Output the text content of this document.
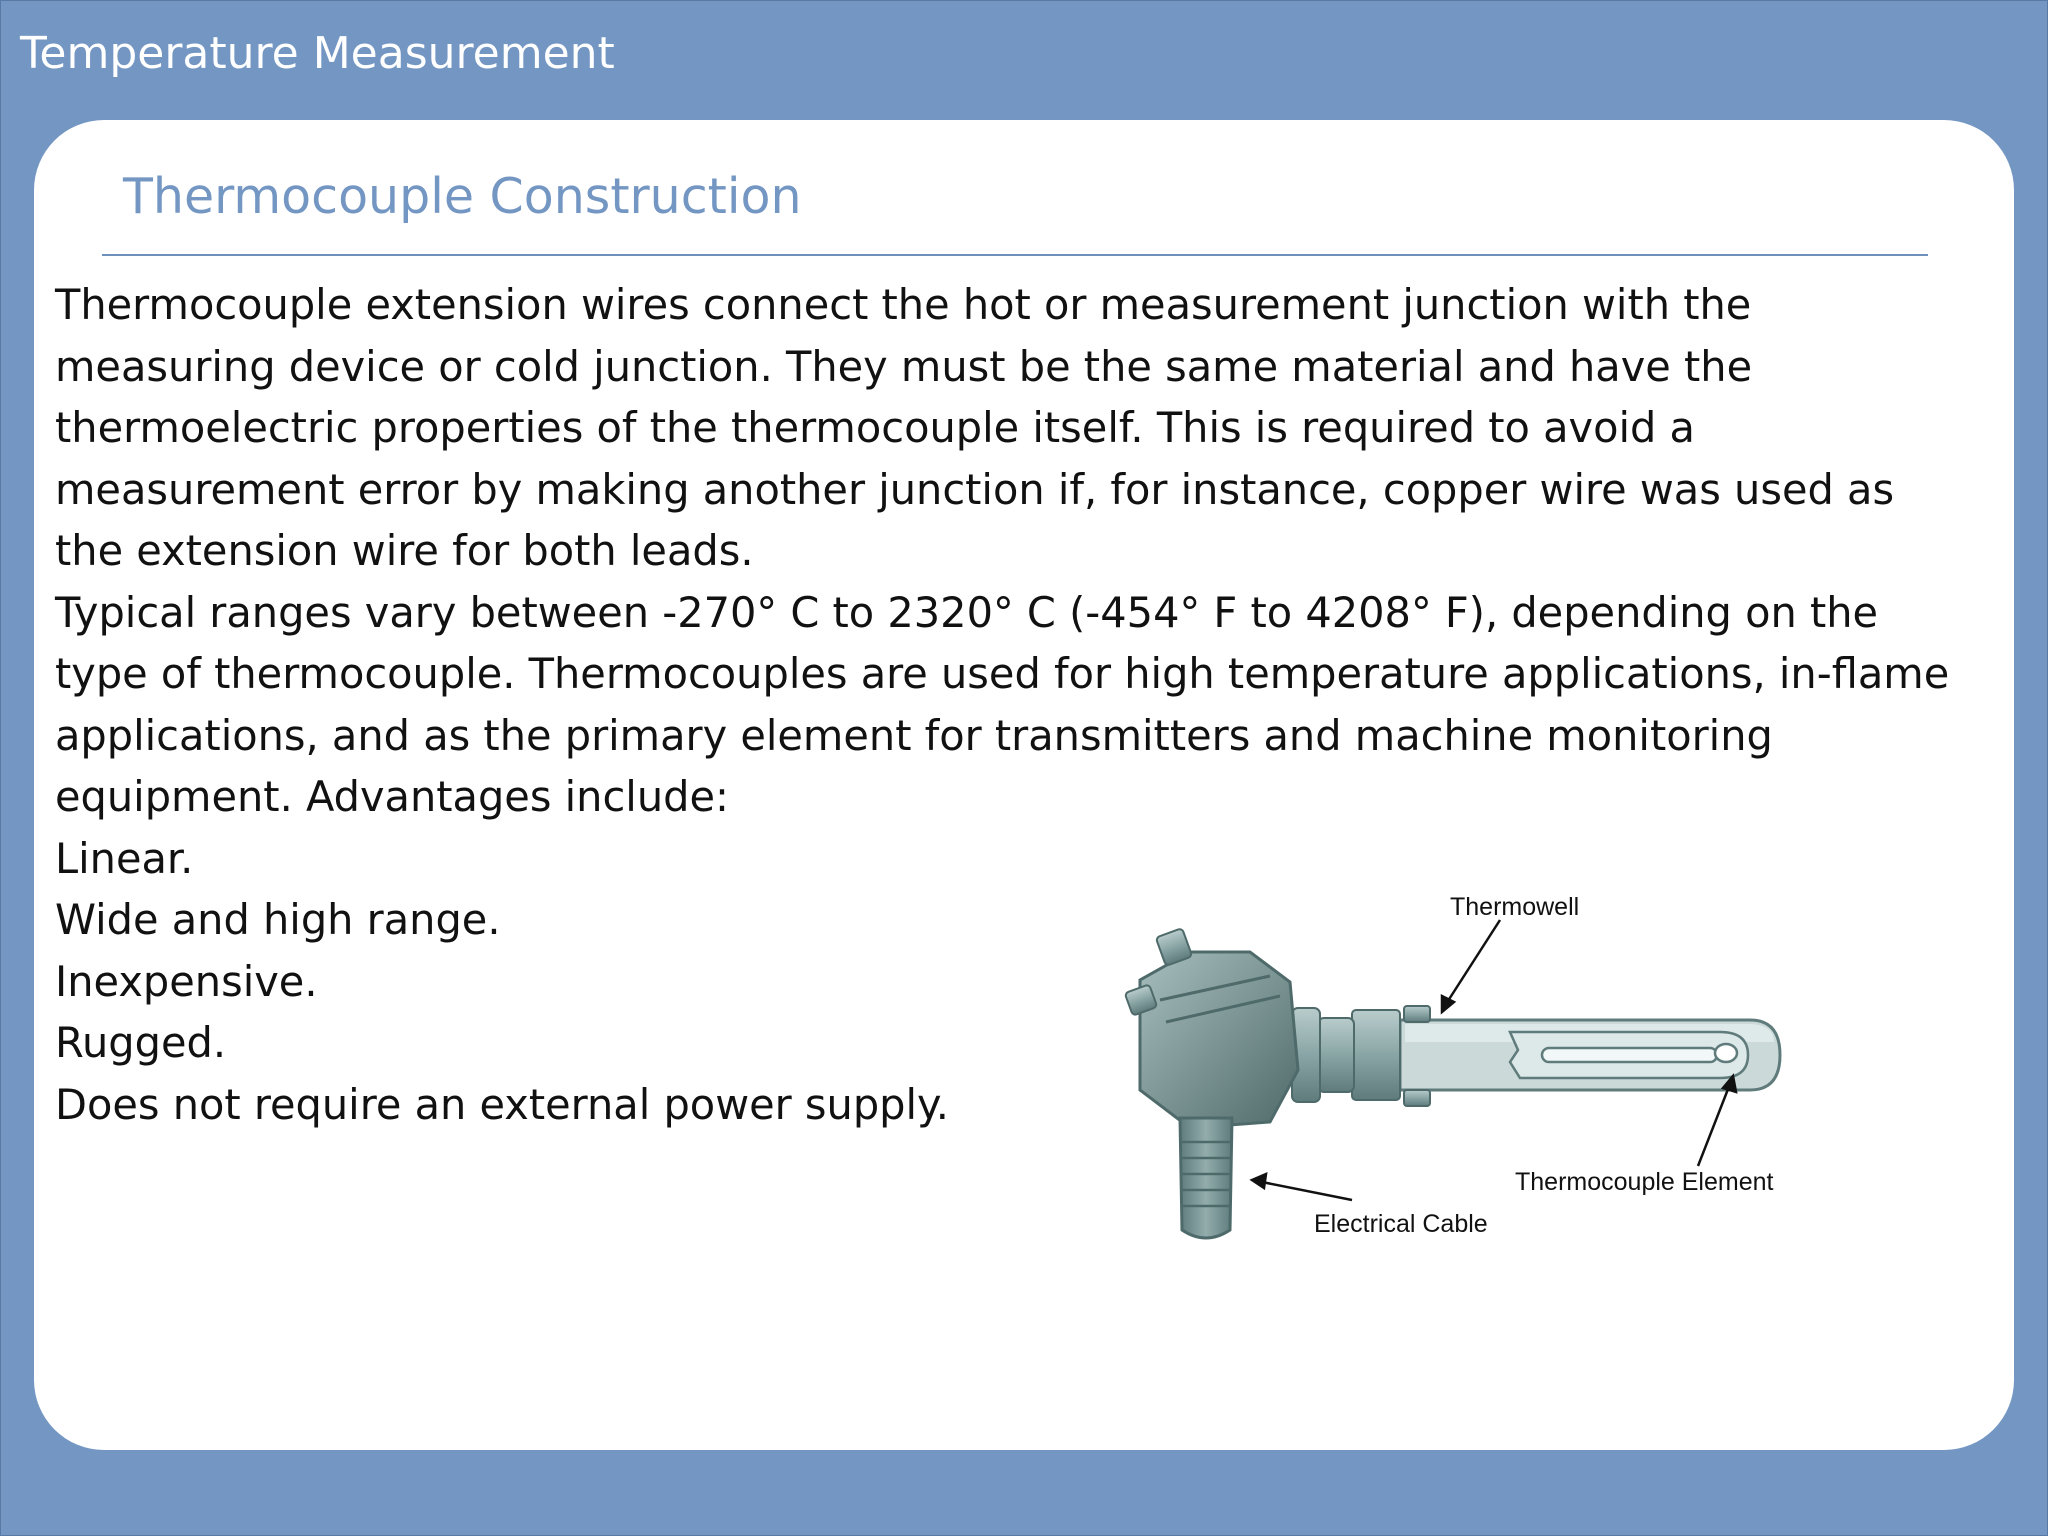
Temperature Measurement
Thermocouple Construction

Thermocouple extension wires connect the hot or measurement junction with the measuring device or cold junction. They must be the same material and have the thermoelectric properties of the thermocouple itself. This is required to avoid a measurement error by making another junction if, for instance, copper wire was used as the extension wire for both leads.

Typical ranges vary between -270° C to 2320° C (-454° F to 4208° F), depending on the type of thermocouple. Thermocouples are used for high temperature applications, in-flame applications, and as the primary element for transmitters and machine monitoring equipment. Advantages include:

Linear.

Wide and high range.

Inexpensive.

Rugged.

Does not require an external power supply.

Thermowell
Thermocouple Element
Electrical Cable
